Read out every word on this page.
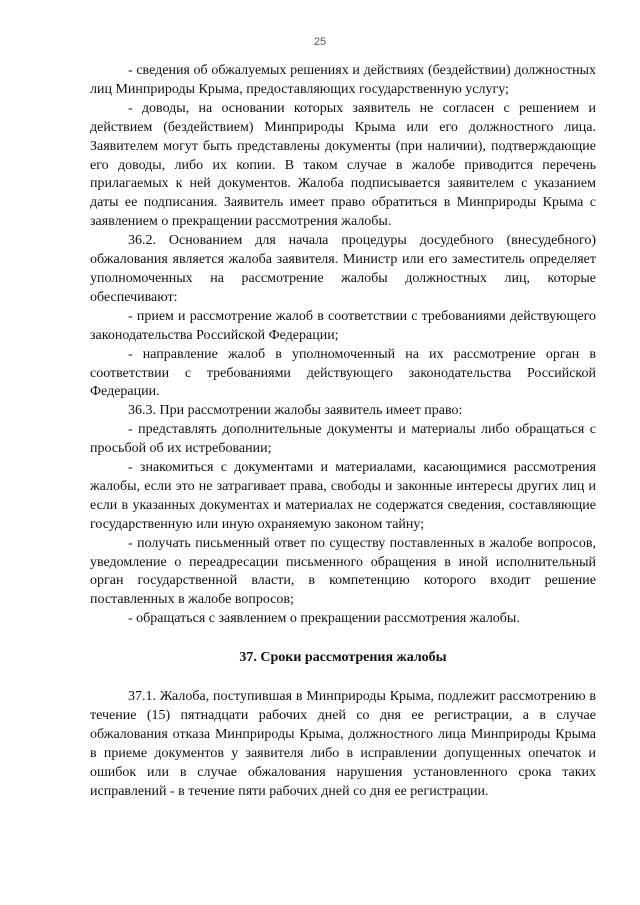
25

- сведения об обжалуемых решениях и действиях (бездействии) должностных лиц Минприроды Крыма, предоставляющих государственную услугу;

- доводы, на основании которых заявитель не согласен с решением и действием (бездействием) Минприроды Крыма или его должностного лица. Заявителем могут быть представлены документы (при наличии), подтверждающие его доводы, либо их копии. В таком случае в жалобе приводится перечень прилагаемых к ней документов. Жалоба подписывается заявителем с указанием даты ее подписания. Заявитель имеет право обратиться в Минприроды Крыма с заявлением о прекращении рассмотрения жалобы.

36.2. Основанием для начала процедуры досудебного (внесудебного) обжалования является жалоба заявителя. Министр или его заместитель определяет уполномоченных на рассмотрение жалобы должностных лиц, которые обеспечивают:

- прием и рассмотрение жалоб в соответствии с требованиями действующего законодательства Российской Федерации;

- направление жалоб в уполномоченный на их рассмотрение орган в соответствии с требованиями действующего законодательства Российской Федерации.

36.3. При рассмотрении жалобы заявитель имеет право:

- представлять дополнительные документы и материалы либо обращаться с просьбой об их истребовании;

- знакомиться с документами и материалами, касающимися рассмотрения жалобы, если это не затрагивает права, свободы и законные интересы других лиц и если в указанных документах и материалах не содержатся сведения, составляющие государственную или иную охраняемую законом тайну;

- получать письменный ответ по существу поставленных в жалобе вопросов, уведомление о переадресации письменного обращения в иной исполнительный орган государственной власти, в компетенцию которого входит решение поставленных в жалобе вопросов;

- обращаться с заявлением о прекращении рассмотрения жалобы.

37. Сроки рассмотрения жалобы

37.1. Жалоба, поступившая в Минприроды Крыма, подлежит рассмотрению в течение (15) пятнадцати рабочих дней со дня ее регистрации, а в случае обжалования отказа Минприроды Крыма, должностного лица Минприроды Крыма в приеме документов у заявителя либо в исправлении допущенных опечаток и ошибок или в случае обжалования нарушения установленного срока таких исправлений - в течение пяти рабочих дней со дня ее регистрации.
